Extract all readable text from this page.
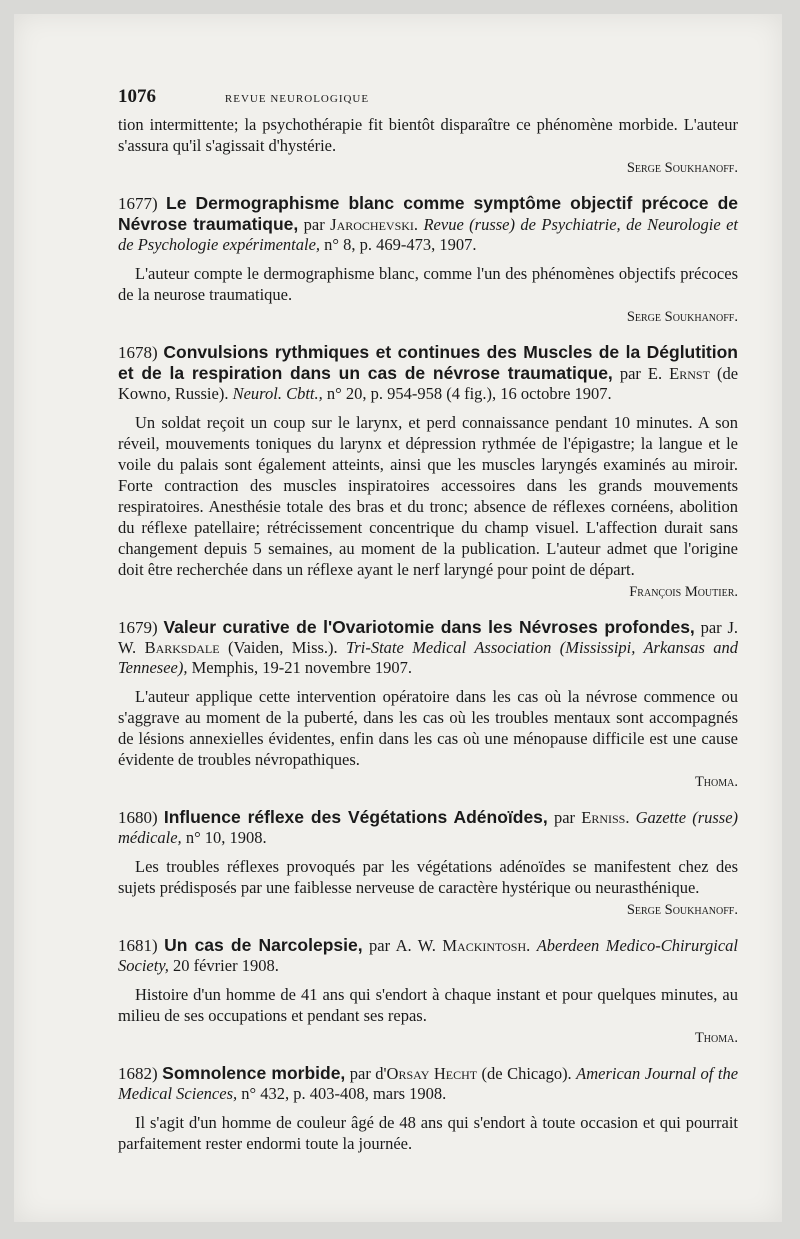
1076	REVUE NEUROLOGIQUE

tion intermittente; la psychothérapie fit bientôt disparaître ce phénomène morbide. L'auteur s'assura qu'il s'agissait d'hystérie.

Serge Soukhanoff.

1677) Le Dermographisme blanc comme symptôme objectif précoce de Névrose traumatique, par Jarochevski. Revue (russe) de Psychiatrie, de Neurologie et de Psychologie expérimentale, n° 8, p. 469-473, 1907.

L'auteur compte le dermographisme blanc, comme l'un des phénomènes objectifs précoces de la neurose traumatique.

Serge Soukhanoff.

1678) Convulsions rythmiques et continues des Muscles de la Déglutition et de la respiration dans un cas de névrose traumatique, par E. Ernst (de Kowno, Russie). Neurol. Cbtt., n° 20, p. 954-958 (4 fig.), 16 octobre 1907.

Un soldat reçoit un coup sur le larynx, et perd connaissance pendant 10 minutes. A son réveil, mouvements toniques du larynx et dépression rythmée de l'épigastre; la langue et le voile du palais sont également atteints, ainsi que les muscles laryngés examinés au miroir. Forte contraction des muscles inspiratoires accessoires dans les grands mouvements respiratoires. Anesthésie totale des bras et du tronc; absence de réflexes cornéens, abolition du réflexe patellaire; rétrécissement concentrique du champ visuel. L'affection durait sans changement depuis 5 semaines, au moment de la publication. L'auteur admet que l'origine doit être recherchée dans un réflexe ayant le nerf laryngé pour point de départ.

François Moutier.

1679) Valeur curative de l'Ovariotomie dans les Névroses profondes, par J. W. Barksdale (Vaiden, Miss.). Tri-State Medical Association (Mississipi, Arkansas and Tennesee), Memphis, 19-21 novembre 1907.

L'auteur applique cette intervention opératoire dans les cas où la névrose commence ou s'aggrave au moment de la puberté, dans les cas où les troubles mentaux sont accompagnés de lésions annexielles évidentes, enfin dans les cas où une ménopause difficile est une cause évidente de troubles névropathiques.

Thoma.

1680) Influence réflexe des Végétations Adénoïdes, par Erniss. Gazette (russe) médicale, n° 10, 1908.

Les troubles réflexes provoqués par les végétations adénoïdes se manifestent chez des sujets prédisposés par une faiblesse nerveuse de caractère hystérique ou neurasthénique.

Serge Soukhanoff.

1681) Un cas de Narcolepsie, par A. W. Mackintosh. Aberdeen Medico-Chirurgical Society, 20 février 1908.

Histoire d'un homme de 41 ans qui s'endort à chaque instant et pour quelques minutes, au milieu de ses occupations et pendant ses repas.

Thoma.

1682) Somnolence morbide, par d'Orsay Hecht (de Chicago). American Journal of the Medical Sciences, n° 432, p. 403-408, mars 1908.

Il s'agit d'un homme de couleur âgé de 48 ans qui s'endort à toute occasion et qui pourrait parfaitement rester endormi toute la journée.
